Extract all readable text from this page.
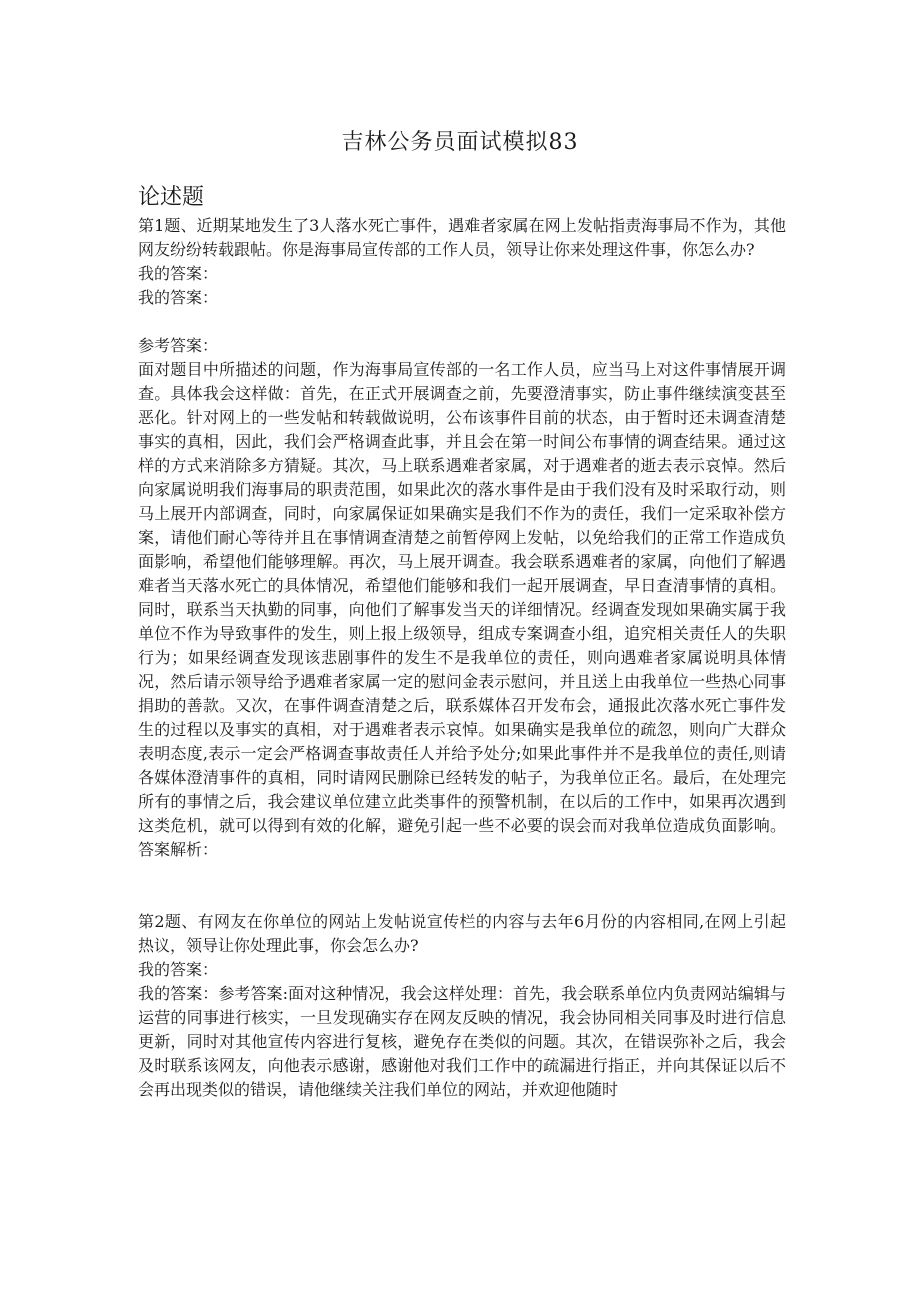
吉林公务员面试模拟83
论述题

第1题、近期某地发生了3人落水死亡事件，遇难者家属在网上发帖指责海事局不作为，其他网友纷纷转载跟帖。你是海事局宣传部的工作人员，领导让你来处理这件事，你怎么办?

我的答案：

我的答案：

参考答案：

面对题目中所描述的问题，作为海事局宣传部的一名工作人员，应当马上对这件事情展开调查。具体我会这样做：首先，在正式开展调查之前，先要澄清事实，防止事件继续演变甚至恶化。针对网上的一些发帖和转载做说明，公布该事件目前的状态，由于暂时还未调查清楚事实的真相，因此，我们会严格调查此事，并且会在第一时间公布事情的调查结果。通过这样的方式来消除多方猜疑。其次，马上联系遇难者家属，对于遇难者的逝去表示哀悼。然后向家属说明我们海事局的职责范围，如果此次的落水事件是由于我们没有及时采取行动，则马上展开内部调查，同时，向家属保证如果确实是我们不作为的责任，我们一定采取补偿方案，请他们耐心等待并且在事情调查清楚之前暂停网上发帖，以免给我们的正常工作造成负面影响，希望他们能够理解。再次，马上展开调查。我会联系遇难者的家属，向他们了解遇难者当天落水死亡的具体情况，希望他们能够和我们一起开展调查，早日查清事情的真相。同时，联系当天执勤的同事，向他们了解事发当天的详细情况。经调查发现如果确实属于我单位不作为导致事件的发生，则上报上级领导，组成专案调查小组，追究相关责任人的失职行为；如果经调查发现该悲剧事件的发生不是我单位的责任，则向遇难者家属说明具体情况，然后请示领导给予遇难者家属一定的慰问金表示慰问，并且送上由我单位一些热心同事捐助的善款。又次，在事件调查清楚之后，联系媒体召开发布会，通报此次落水死亡事件发生的过程以及事实的真相，对于遇难者表示哀悼。如果确实是我单位的疏忽，则向广大群众表明态度,表示一定会严格调查事故责任人并给予处分;如果此事件并不是我单位的责任,则请各媒体澄清事件的真相，同时请网民删除已经转发的帖子，为我单位正名。最后，在处理完所有的事情之后，我会建议单位建立此类事件的预警机制，在以后的工作中，如果再次遇到这类危机，就可以得到有效的化解，避免引起一些不必要的误会而对我单位造成负面影响。答案解析：

第2题、有网友在你单位的网站上发帖说宣传栏的内容与去年6月份的内容相同,在网上引起热议，领导让你处理此事，你会怎么办?

我的答案：

我的答案：参考答案:面对这种情况，我会这样处理：首先，我会联系单位内负责网站编辑与运营的同事进行核实，一旦发现确实存在网友反映的情况，我会协同相关同事及时进行信息更新，同时对其他宣传内容进行复核，避免存在类似的问题。其次，在错误弥补之后，我会及时联系该网友，向他表示感谢，感谢他对我们工作中的疏漏进行指正，并向其保证以后不会再出现类似的错误，请他继续关注我们单位的网站，并欢迎他随时
